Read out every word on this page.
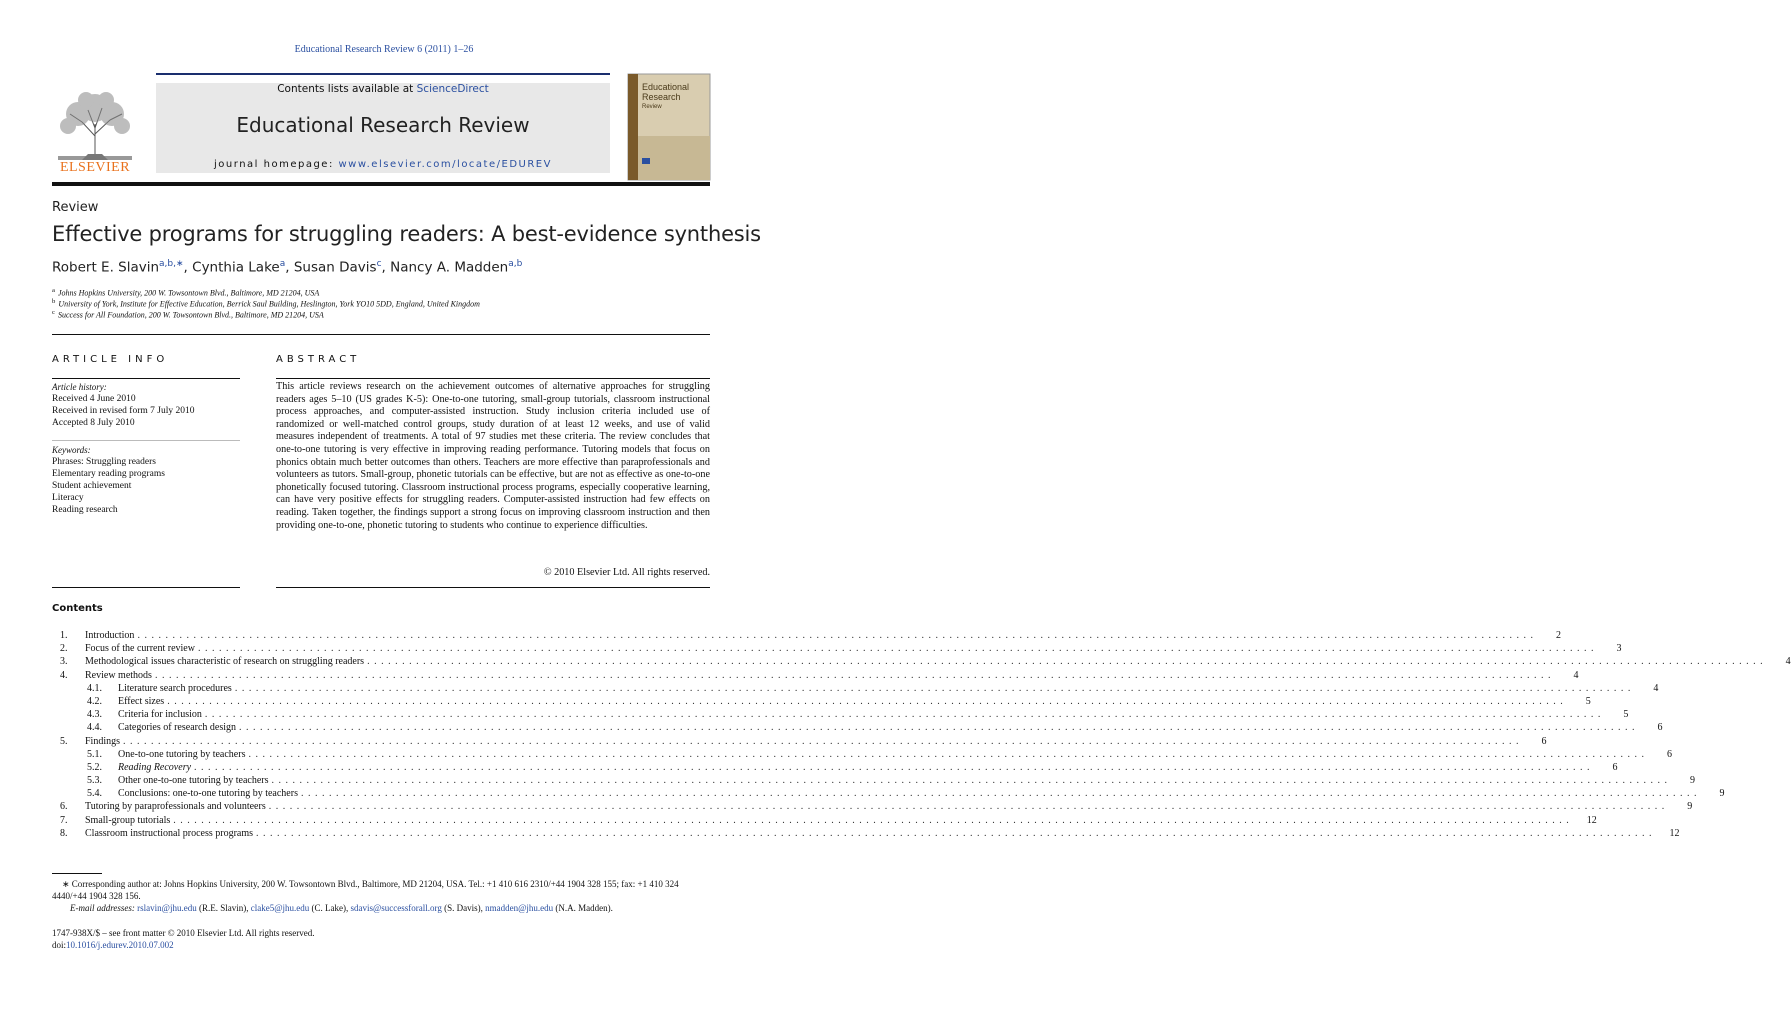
Educational Research Review 6 (2011) 1–26
ELSEVIER
Contents lists available at ScienceDirect
Educational Research Review
journal homepage: www.elsevier.com/locate/EDUREV
Educational
Research
Review
Review
Effective programs for struggling readers: A best-evidence synthesis
Robert E. Slavin$^{a,b,∗}$, Cynthia Lake$^a$, Susan Davis$^c$, Nancy A. Madden$^{a,b}$
$^a$ Johns Hopkins University, 200 W. Towsontown Blvd., Baltimore, MD 21204, USA
$^b$ University of York, Institute for Effective Education, Berrick Saul Building, Heslington, York YO10 5DD, England, United Kingdom
$^c$ Success for All Foundation, 200 W. Towsontown Blvd., Baltimore, MD 21204, USA
ARTICLE INFO	ABSTRACT
Article history:
Received 4 June 2010
Received in revised form 7 July 2010
Accepted 8 July 2010
Keywords:
Phrases: Struggling readers
Elementary reading programs
Student achievement
Literacy
Reading research
This article reviews research on the achievement outcomes of alternative approaches for struggling readers ages 5–10 (US grades K-5): One-to-one tutoring, small-group tutorials, classroom instructional process approaches, and computer-assisted instruction. Study inclusion criteria included use of randomized or well-matched control groups, study duration of at least 12 weeks, and use of valid measures independent of treatments. A total of 97 studies met these criteria. The review concludes that one-to-one tutoring is very effective in improving reading performance. Tutoring models that focus on phonics obtain much better outcomes than others. Teachers are more effective than paraprofessionals and volunteers as tutors. Small-group, phonetic tutorials can be effective, but are not as effective as one-to-one phonetically focused tutoring. Classroom instructional process programs, especially cooperative learning, can have very positive effects for struggling readers. Computer-assisted instruction had few effects on reading. Taken together, the findings support a strong focus on improving classroom instruction and then providing one-to-one, phonetic tutoring to students who continue to experience difficulties.
© 2010 Elsevier Ltd. All rights reserved.
Contents
1.	Introduction . . . . . . . . . . . . . . . . . . . . . . . . . . . . . . . . . . . . . . . . . . . . . . . . . . . . . . . . . . . . . . . . . . . . . . . . . . . . . . . . . . . . . . . . . . . . . . . . . . . . . . . . . . . . . . . . . . . . . . . . . . . . . . . . . . . . . . . . . . . . . . . . . . . . . . . . . . . . . . . . . . . . . . . . . . . . . . . . . . . . . . . . . . . . . . . . . . . . . . . .	2
2.	Focus of the current review . . . . . . . . . . . . . . . . . . . . . . . . . . . . . . . . . . . . . . . . . . . . . . . . . . . . . . . . . . . . . . . . . . . . . . . . . . . . . . . . . . . . . . . . . . . . . . . . . . . . . . . . . . . . . . . . . . . . . . . . . . . . . . . . . . . . . . . . . . . . . . . . . . . . . . . . . . . . . . . . . . . . . . . . . . . . . . . . . . . . . . . . . . . . . . . . . . . . . . . .	3
3.	Methodological issues characteristic of research on struggling readers . . . . . . . . . . . . . . . . . . . . . . . . . . . . . . . . . . . . . . . . . . . . . . . . . . . . . . . . . . . . . . . . . . . . . . . . . . . . . . . . . . . . . . . . . . . . . . . . . . . . . . . . . . . . . . . . . . . . . . . . . . . . . . . . . . . . . . . . . . . . . . . . . . . . . . . . . . . . . . . . . . . . . . . . . . . . . . . . . . . . . . . . . . . . . . . . . . . . . . . .	4
4.	Review methods . . . . . . . . . . . . . . . . . . . . . . . . . . . . . . . . . . . . . . . . . . . . . . . . . . . . . . . . . . . . . . . . . . . . . . . . . . . . . . . . . . . . . . . . . . . . . . . . . . . . . . . . . . . . . . . . . . . . . . . . . . . . . . . . . . . . . . . . . . . . . . . . . . . . . . . . . . . . . . . . . . . . . . . . . . . . . . . . . . . . . . . . . . . . . . . . . . . . . . . .	4
4.1.	Literature search procedures . . . . . . . . . . . . . . . . . . . . . . . . . . . . . . . . . . . . . . . . . . . . . . . . . . . . . . . . . . . . . . . . . . . . . . . . . . . . . . . . . . . . . . . . . . . . . . . . . . . . . . . . . . . . . . . . . . . . . . . . . . . . . . . . . . . . . . . . . . . . . . . . . . . . . . . . . . . . . . . . . . . . . . . . . . . . . . . . . . . . . . . . . . . . . . . . . . . . . . . .	4
4.2.	Effect sizes . . . . . . . . . . . . . . . . . . . . . . . . . . . . . . . . . . . . . . . . . . . . . . . . . . . . . . . . . . . . . . . . . . . . . . . . . . . . . . . . . . . . . . . . . . . . . . . . . . . . . . . . . . . . . . . . . . . . . . . . . . . . . . . . . . . . . . . . . . . . . . . . . . . . . . . . . . . . . . . . . . . . . . . . . . . . . . . . . . . . . . . . . . . . . . . . . . . . . . . .	5
4.3.	Criteria for inclusion . . . . . . . . . . . . . . . . . . . . . . . . . . . . . . . . . . . . . . . . . . . . . . . . . . . . . . . . . . . . . . . . . . . . . . . . . . . . . . . . . . . . . . . . . . . . . . . . . . . . . . . . . . . . . . . . . . . . . . . . . . . . . . . . . . . . . . . . . . . . . . . . . . . . . . . . . . . . . . . . . . . . . . . . . . . . . . . . . . . . . . . . . . . . . . . . . . . . . . . .	5
4.4.	Categories of research design . . . . . . . . . . . . . . . . . . . . . . . . . . . . . . . . . . . . . . . . . . . . . . . . . . . . . . . . . . . . . . . . . . . . . . . . . . . . . . . . . . . . . . . . . . . . . . . . . . . . . . . . . . . . . . . . . . . . . . . . . . . . . . . . . . . . . . . . . . . . . . . . . . . . . . . . . . . . . . . . . . . . . . . . . . . . . . . . . . . . . . . . . . . . . . . . . . . . . . . .	6
5.	Findings . . . . . . . . . . . . . . . . . . . . . . . . . . . . . . . . . . . . . . . . . . . . . . . . . . . . . . . . . . . . . . . . . . . . . . . . . . . . . . . . . . . . . . . . . . . . . . . . . . . . . . . . . . . . . . . . . . . . . . . . . . . . . . . . . . . . . . . . . . . . . . . . . . . . . . . . . . . . . . . . . . . . . . . . . . . . . . . . . . . . . . . . . . . . . . . . . . . . . . . .	6
5.1.	One-to-one tutoring by teachers . . . . . . . . . . . . . . . . . . . . . . . . . . . . . . . . . . . . . . . . . . . . . . . . . . . . . . . . . . . . . . . . . . . . . . . . . . . . . . . . . . . . . . . . . . . . . . . . . . . . . . . . . . . . . . . . . . . . . . . . . . . . . . . . . . . . . . . . . . . . . . . . . . . . . . . . . . . . . . . . . . . . . . . . . . . . . . . . . . . . . . . . . . . . . . . . . . . . . . . .	6
5.2.	Reading Recovery . . . . . . . . . . . . . . . . . . . . . . . . . . . . . . . . . . . . . . . . . . . . . . . . . . . . . . . . . . . . . . . . . . . . . . . . . . . . . . . . . . . . . . . . . . . . . . . . . . . . . . . . . . . . . . . . . . . . . . . . . . . . . . . . . . . . . . . . . . . . . . . . . . . . . . . . . . . . . . . . . . . . . . . . . . . . . . . . . . . . . . . . . . . . . . . . . . . . . . . .	6
5.3.	Other one-to-one tutoring by teachers . . . . . . . . . . . . . . . . . . . . . . . . . . . . . . . . . . . . . . . . . . . . . . . . . . . . . . . . . . . . . . . . . . . . . . . . . . . . . . . . . . . . . . . . . . . . . . . . . . . . . . . . . . . . . . . . . . . . . . . . . . . . . . . . . . . . . . . . . . . . . . . . . . . . . . . . . . . . . . . . . . . . . . . . . . . . . . . . . . . . . . . . . . . . . . . . . . . . . . . .	9
5.4.	Conclusions: one-to-one tutoring by teachers . . . . . . . . . . . . . . . . . . . . . . . . . . . . . . . . . . . . . . . . . . . . . . . . . . . . . . . . . . . . . . . . . . . . . . . . . . . . . . . . . . . . . . . . . . . . . . . . . . . . . . . . . . . . . . . . . . . . . . . . . . . . . . . . . . . . . . . . . . . . . . . . . . . . . . . . . . . . . . . . . . . . . . . . . . . . . . . . . . . . . . . . . . . . . . . . . . . . . . . .	9
6.	Tutoring by paraprofessionals and volunteers . . . . . . . . . . . . . . . . . . . . . . . . . . . . . . . . . . . . . . . . . . . . . . . . . . . . . . . . . . . . . . . . . . . . . . . . . . . . . . . . . . . . . . . . . . . . . . . . . . . . . . . . . . . . . . . . . . . . . . . . . . . . . . . . . . . . . . . . . . . . . . . . . . . . . . . . . . . . . . . . . . . . . . . . . . . . . . . . . . . . . . . . . . . . . . . . . . . . . . . .	9
7.	Small-group tutorials . . . . . . . . . . . . . . . . . . . . . . . . . . . . . . . . . . . . . . . . . . . . . . . . . . . . . . . . . . . . . . . . . . . . . . . . . . . . . . . . . . . . . . . . . . . . . . . . . . . . . . . . . . . . . . . . . . . . . . . . . . . . . . . . . . . . . . . . . . . . . . . . . . . . . . . . . . . . . . . . . . . . . . . . . . . . . . . . . . . . . . . . . . . . . . . . . . . . . . . .	12
8.	Classroom instructional process programs . . . . . . . . . . . . . . . . . . . . . . . . . . . . . . . . . . . . . . . . . . . . . . . . . . . . . . . . . . . . . . . . . . . . . . . . . . . . . . . . . . . . . . . . . . . . . . . . . . . . . . . . . . . . . . . . . . . . . . . . . . . . . . . . . . . . . . . . . . . . . . . . . . . . . . . . . . . . . . . . . . . . . . . . . . . . . . . . . . . . . . . . . . . . . . . . . . . . . . . .	12
∗ Corresponding author at: Johns Hopkins University, 200 W. Towsontown Blvd., Baltimore, MD 21204, USA. Tel.: +1 410 616 2310/+44 1904 328 155; fax: +1 410 324 4440/+44 1904 328 156.
E-mail addresses: rslavin@jhu.edu (R.E. Slavin), clake5@jhu.edu (C. Lake), sdavis@successforall.org (S. Davis), nmadden@jhu.edu (N.A. Madden).
1747-938X/$ – see front matter © 2010 Elsevier Ltd. All rights reserved.
doi:10.1016/j.edurev.2010.07.002
